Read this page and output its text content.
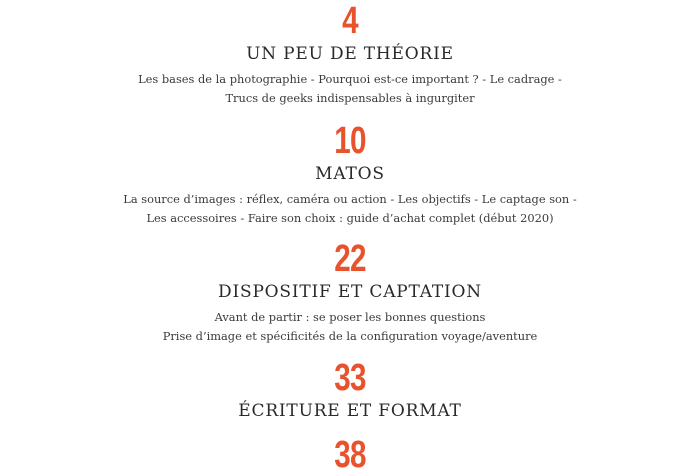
4
UN PEU DE THÉORIE
Les bases de la photographie - Pourquoi est-ce important ? - Le cadrage -
Trucs de geeks indispensables à ingurgiter
10
MATOS
La source d’images : réflex, caméra ou action - Les objectifs - Le captage son -
Les accessoires - Faire son choix : guide d’achat complet (début 2020)
22
DISPOSITIF ET CAPTATION
Avant de partir : se poser les bonnes questions
Prise d’image et spécificités de la configuration voyage/aventure
33
ÉCRITURE ET FORMAT
38
